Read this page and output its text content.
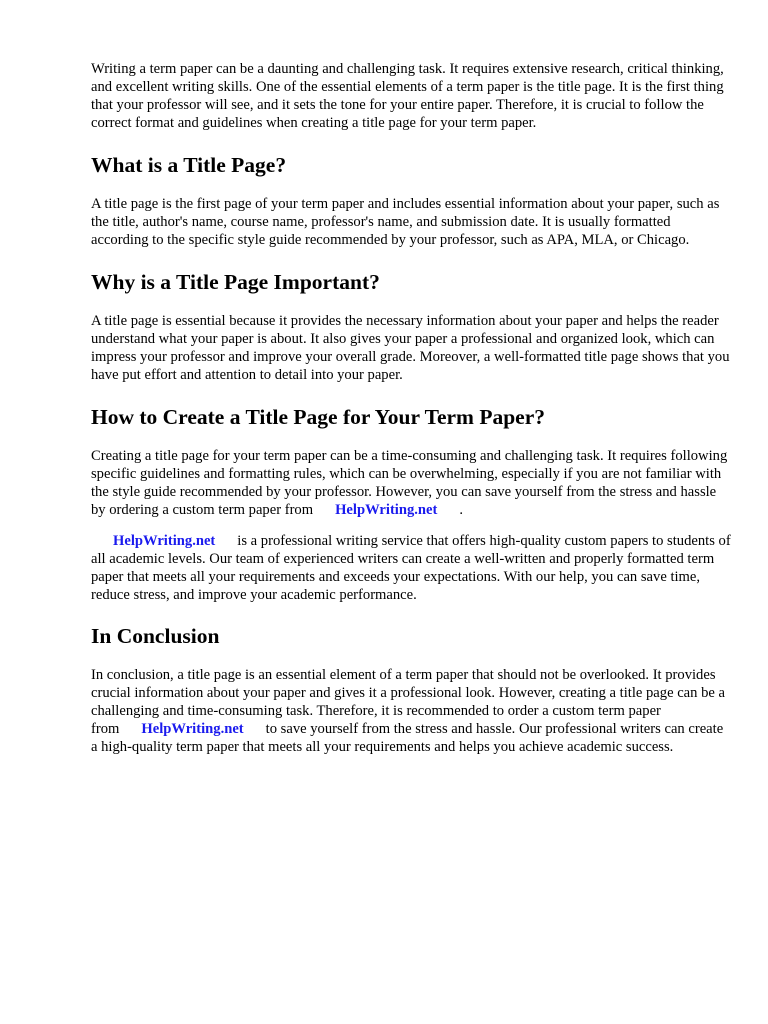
Writing a term paper can be a daunting and challenging task. It requires extensive research, critical thinking, and excellent writing skills. One of the essential elements of a term paper is the title page. It is the first thing that your professor will see, and it sets the tone for your entire paper. Therefore, it is crucial to follow the correct format and guidelines when creating a title page for your term paper.

What is a Title Page?

A title page is the first page of your term paper and includes essential information about your paper, such as the title, author's name, course name, professor's name, and submission date. It is usually formatted according to the specific style guide recommended by your professor, such as APA, MLA, or Chicago.

Why is a Title Page Important?

A title page is essential because it provides the necessary information about your paper and helps the reader understand what your paper is about. It also gives your paper a professional and organized look, which can impress your professor and improve your overall grade. Moreover, a well-formatted title page shows that you have put effort and attention to detail into your paper.

How to Create a Title Page for Your Term Paper?

Creating a title page for your term paper can be a time-consuming and challenging task. It requires following specific guidelines and formatting rules, which can be overwhelming, especially if you are not familiar with the style guide recommended by your professor. However, you can save yourself from the stress and hassle by ordering a custom term paper from HelpWriting.net .

HelpWriting.net is a professional writing service that offers high-quality custom papers to students of all academic levels. Our team of experienced writers can create a well-written and properly formatted term paper that meets all your requirements and exceeds your expectations. With our help, you can save time, reduce stress, and improve your academic performance.

In Conclusion

In conclusion, a title page is an essential element of a term paper that should not be overlooked. It provides crucial information about your paper and gives it a professional look. However, creating a title page can be a challenging and time-consuming task. Therefore, it is recommended to order a custom term paper from HelpWriting.net to save yourself from the stress and hassle. Our professional writers can create a high-quality term paper that meets all your requirements and helps you achieve academic success.
